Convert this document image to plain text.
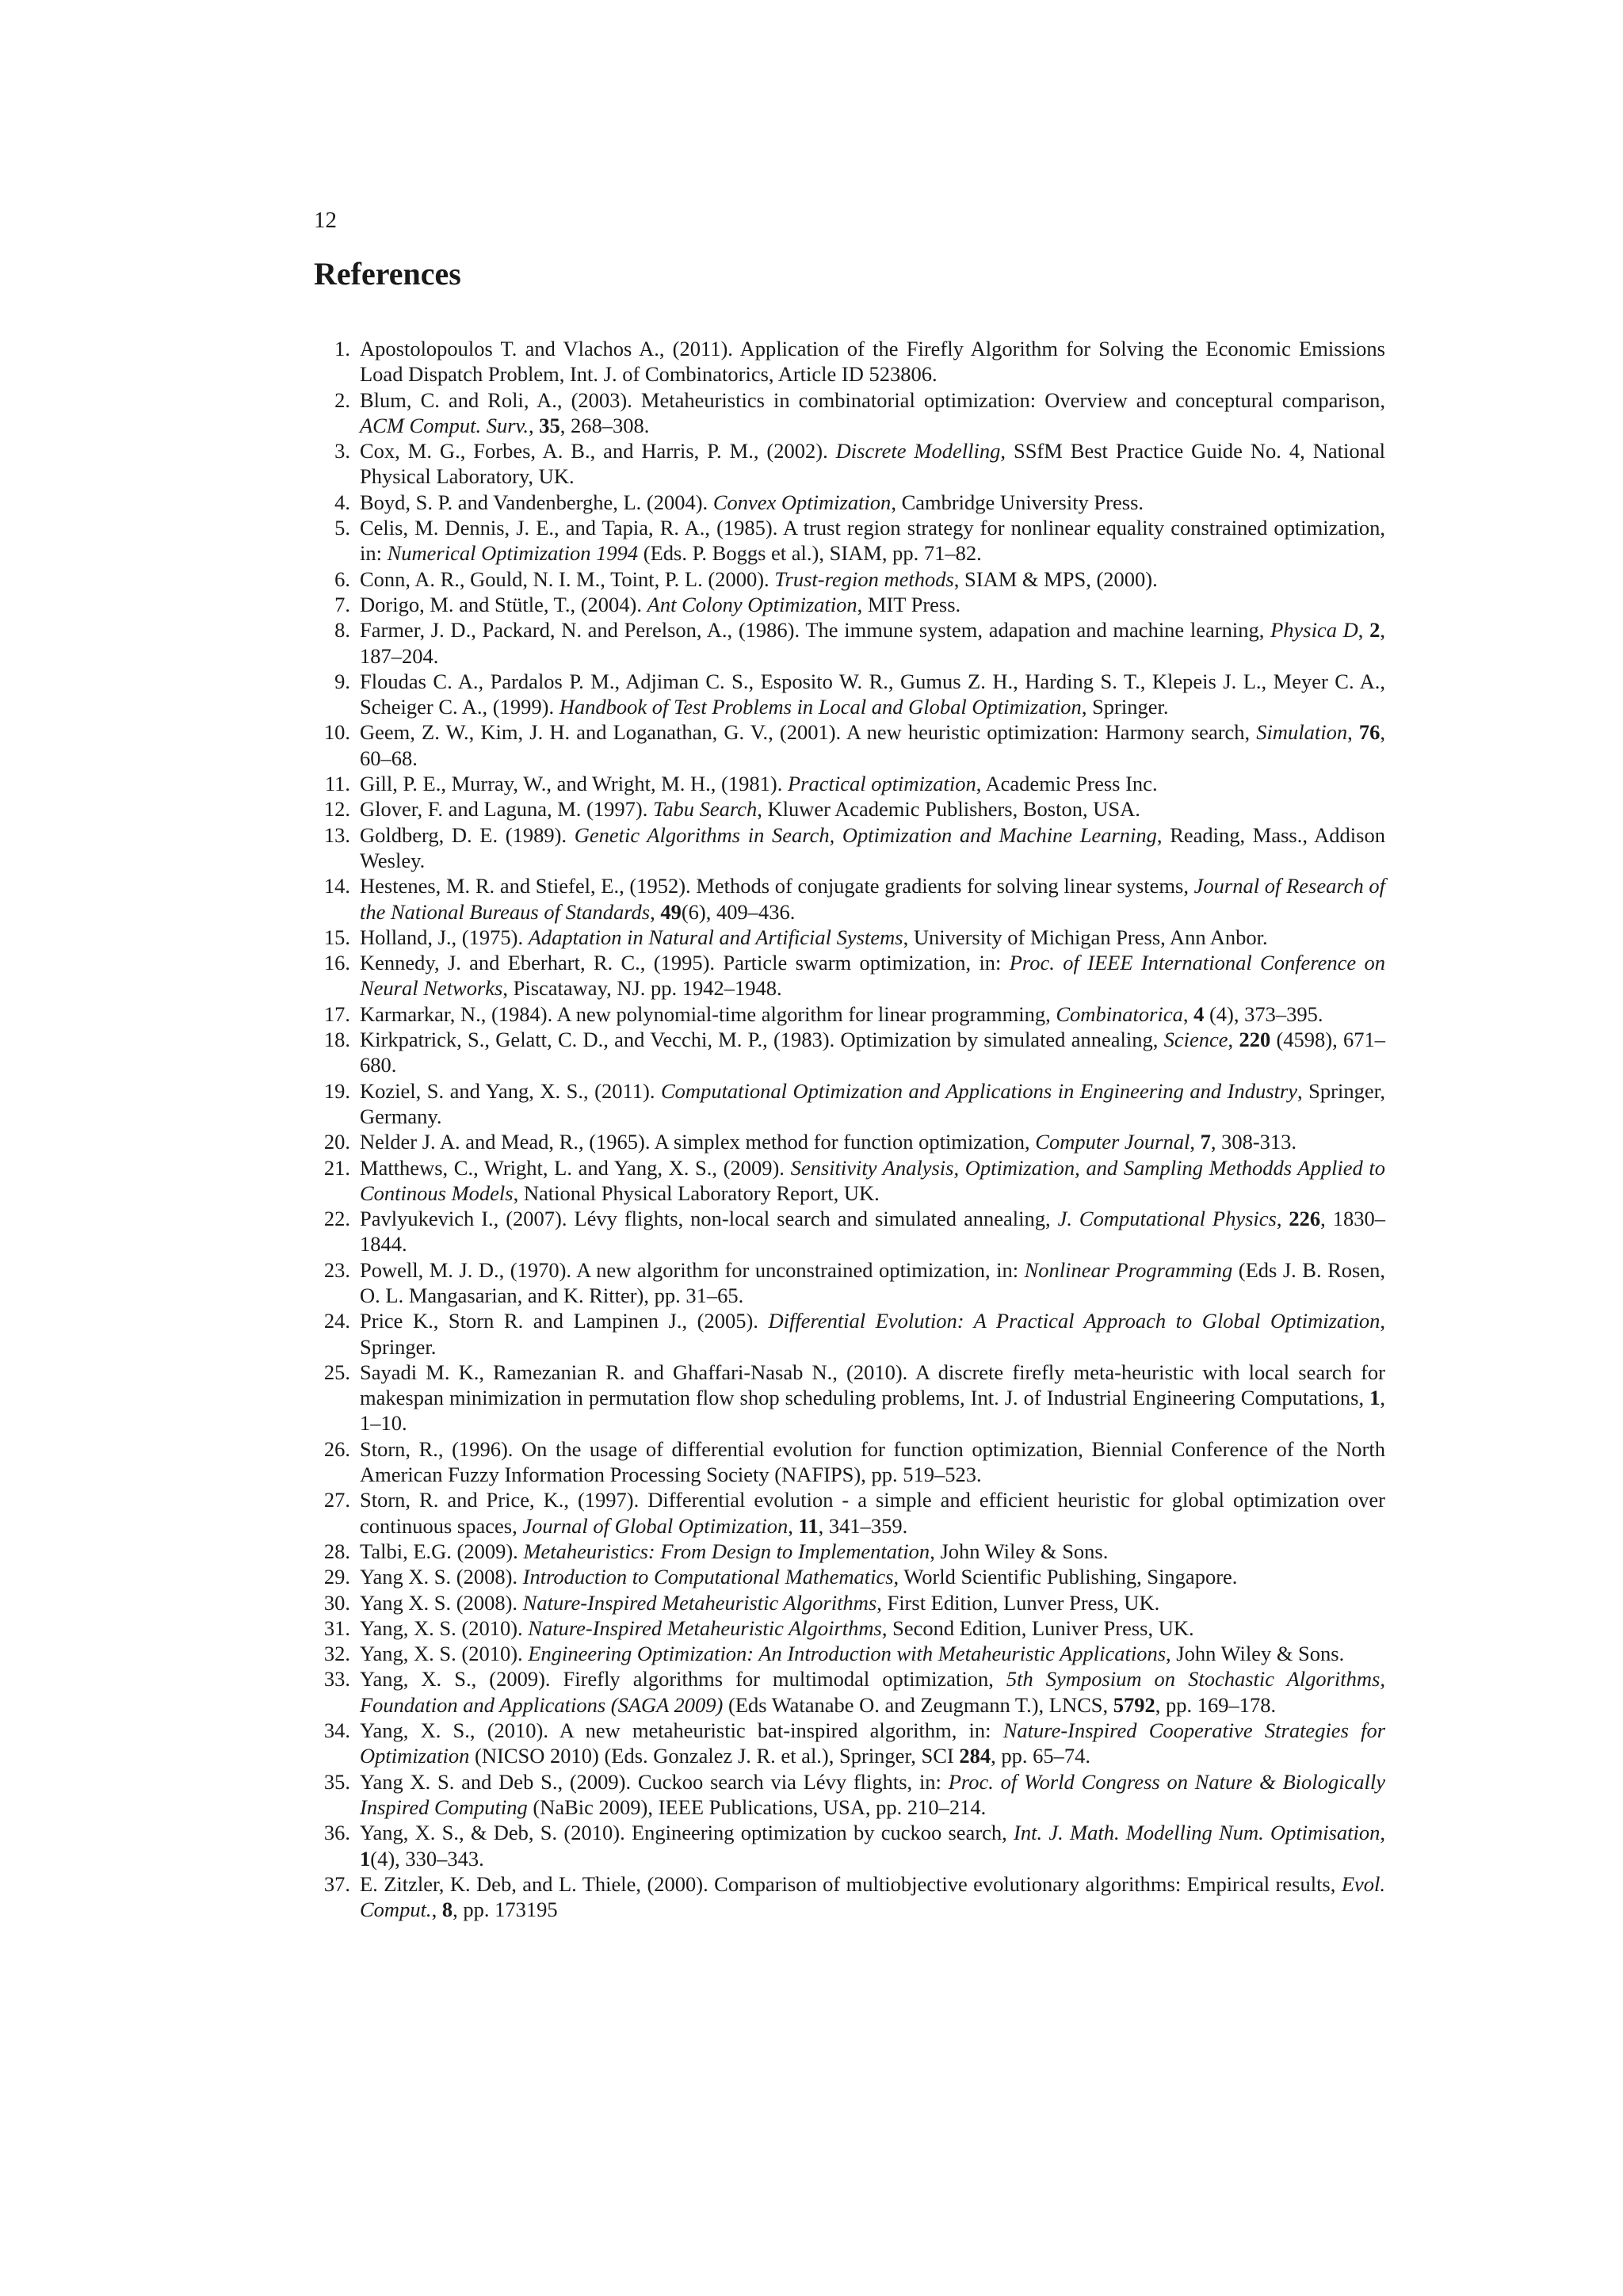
12
References
1. Apostolopoulos T. and Vlachos A., (2011). Application of the Firefly Algorithm for Solving the Economic Emissions Load Dispatch Problem, Int. J. of Combinatorics, Article ID 523806.
2. Blum, C. and Roli, A., (2003). Metaheuristics in combinatorial optimization: Overview and conceptural comparison, ACM Comput. Surv., 35, 268–308.
3. Cox, M. G., Forbes, A. B., and Harris, P. M., (2002). Discrete Modelling, SSfM Best Practice Guide No. 4, National Physical Laboratory, UK.
4. Boyd, S. P. and Vandenberghe, L. (2004). Convex Optimization, Cambridge University Press.
5. Celis, M. Dennis, J. E., and Tapia, R. A., (1985). A trust region strategy for nonlinear equality constrained optimization, in: Numerical Optimization 1994 (Eds. P. Boggs et al.), SIAM, pp. 71–82.
6. Conn, A. R., Gould, N. I. M., Toint, P. L. (2000). Trust-region methods, SIAM & MPS, (2000).
7. Dorigo, M. and Stütle, T., (2004). Ant Colony Optimization, MIT Press.
8. Farmer, J. D., Packard, N. and Perelson, A., (1986). The immune system, adapation and machine learning, Physica D, 2, 187–204.
9. Floudas C. A., Pardalos P. M., Adjiman C. S., Esposito W. R., Gumus Z. H., Harding S. T., Klepeis J. L., Meyer C. A., Scheiger C. A., (1999). Handbook of Test Problems in Local and Global Optimization, Springer.
10. Geem, Z. W., Kim, J. H. and Loganathan, G. V., (2001). A new heuristic optimization: Harmony search, Simulation, 76, 60–68.
11. Gill, P. E., Murray, W., and Wright, M. H., (1981). Practical optimization, Academic Press Inc.
12. Glover, F. and Laguna, M. (1997). Tabu Search, Kluwer Academic Publishers, Boston, USA.
13. Goldberg, D. E. (1989). Genetic Algorithms in Search, Optimization and Machine Learning, Reading, Mass., Addison Wesley.
14. Hestenes, M. R. and Stiefel, E., (1952). Methods of conjugate gradients for solving linear systems, Journal of Research of the National Bureaus of Standards, 49(6), 409–436.
15. Holland, J., (1975). Adaptation in Natural and Artificial Systems, University of Michigan Press, Ann Anbor.
16. Kennedy, J. and Eberhart, R. C., (1995). Particle swarm optimization, in: Proc. of IEEE International Conference on Neural Networks, Piscataway, NJ. pp. 1942–1948.
17. Karmarkar, N., (1984). A new polynomial-time algorithm for linear programming, Combinatorica, 4 (4), 373–395.
18. Kirkpatrick, S., Gelatt, C. D., and Vecchi, M. P., (1983). Optimization by simulated annealing, Science, 220 (4598), 671–680.
19. Koziel, S. and Yang, X. S., (2011). Computational Optimization and Applications in Engineering and Industry, Springer, Germany.
20. Nelder J. A. and Mead, R., (1965). A simplex method for function optimization, Computer Journal, 7, 308-313.
21. Matthews, C., Wright, L. and Yang, X. S., (2009). Sensitivity Analysis, Optimization, and Sampling Methodds Applied to Continous Models, National Physical Laboratory Report, UK.
22. Pavlyukevich I., (2007). Lévy flights, non-local search and simulated annealing, J. Computational Physics, 226, 1830–1844.
23. Powell, M. J. D., (1970). A new algorithm for unconstrained optimization, in: Nonlinear Programming (Eds J. B. Rosen, O. L. Mangasarian, and K. Ritter), pp. 31–65.
24. Price K., Storn R. and Lampinen J., (2005). Differential Evolution: A Practical Approach to Global Optimization, Springer.
25. Sayadi M. K., Ramezanian R. and Ghaffari-Nasab N., (2010). A discrete firefly meta-heuristic with local search for makespan minimization in permutation flow shop scheduling problems, Int. J. of Industrial Engineering Computations, 1, 1–10.
26. Storn, R., (1996). On the usage of differential evolution for function optimization, Biennial Conference of the North American Fuzzy Information Processing Society (NAFIPS), pp. 519–523.
27. Storn, R. and Price, K., (1997). Differential evolution - a simple and efficient heuristic for global optimization over continuous spaces, Journal of Global Optimization, 11, 341–359.
28. Talbi, E.G. (2009). Metaheuristics: From Design to Implementation, John Wiley & Sons.
29. Yang X. S. (2008). Introduction to Computational Mathematics, World Scientific Publishing, Singapore.
30. Yang X. S. (2008). Nature-Inspired Metaheuristic Algorithms, First Edition, Lunver Press, UK.
31. Yang, X. S. (2010). Nature-Inspired Metaheuristic Algoirthms, Second Edition, Luniver Press, UK.
32. Yang, X. S. (2010). Engineering Optimization: An Introduction with Metaheuristic Applications, John Wiley & Sons.
33. Yang, X. S., (2009). Firefly algorithms for multimodal optimization, 5th Symposium on Stochastic Algorithms, Foundation and Applications (SAGA 2009) (Eds Watanabe O. and Zeugmann T.), LNCS, 5792, pp. 169–178.
34. Yang, X. S., (2010). A new metaheuristic bat-inspired algorithm, in: Nature-Inspired Cooperative Strategies for Optimization (NICSO 2010) (Eds. Gonzalez J. R. et al.), Springer, SCI 284, pp. 65–74.
35. Yang X. S. and Deb S., (2009). Cuckoo search via Lévy flights, in: Proc. of World Congress on Nature & Biologically Inspired Computing (NaBic 2009), IEEE Publications, USA, pp. 210–214.
36. Yang, X. S., & Deb, S. (2010). Engineering optimization by cuckoo search, Int. J. Math. Modelling Num. Optimisation, 1(4), 330–343.
37. E. Zitzler, K. Deb, and L. Thiele, (2000). Comparison of multiobjective evolutionary algorithms: Empirical results, Evol. Comput., 8, pp. 173195
